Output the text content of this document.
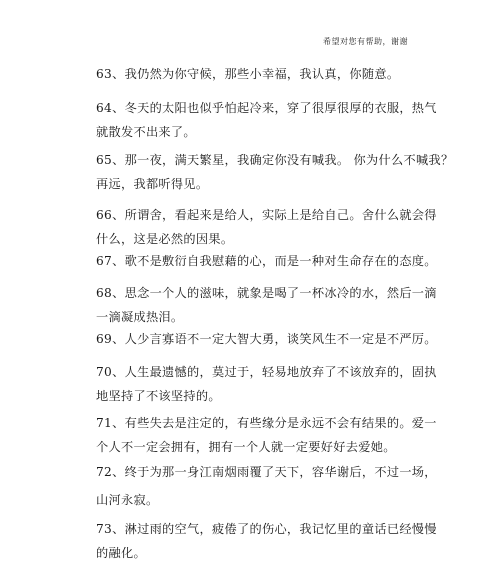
希望对您有帮助，谢谢
63、我仍然为你守候，那些小幸福，我认真，你随意。
64、冬天的太阳也似乎怕起冷来，穿了很厚很厚的衣服，热气
就散发不出来了。
65、那一夜，满天繁星，我确定你没有喊我。 你为什么不喊我？
再远，我都听得见。
66、所谓舍，看起来是给人，实际上是给自己。舍什么就会得
什么，这是必然的因果。
67、歌不是敷衍自我慰藉的心，而是一种对生命存在的态度。
68、思念一个人的滋味，就象是喝了一杯冰冷的水，然后一滴
一滴凝成热泪。
69、人少言寡语不一定大智大勇，谈笑风生不一定是不严厉。
70、人生最遗憾的，莫过于，轻易地放弃了不该放弃的，固执
地坚持了不该坚持的。
71、有些失去是注定的，有些缘分是永远不会有结果的。爱一
个人不一定会拥有，拥有一个人就一定要好好去爱她。
72、终于为那一身江南烟雨覆了天下，容华谢后，不过一场，
山河永寂。
73、淋过雨的空气，疲倦了的伤心，我记忆里的童话已经慢慢
的融化。
